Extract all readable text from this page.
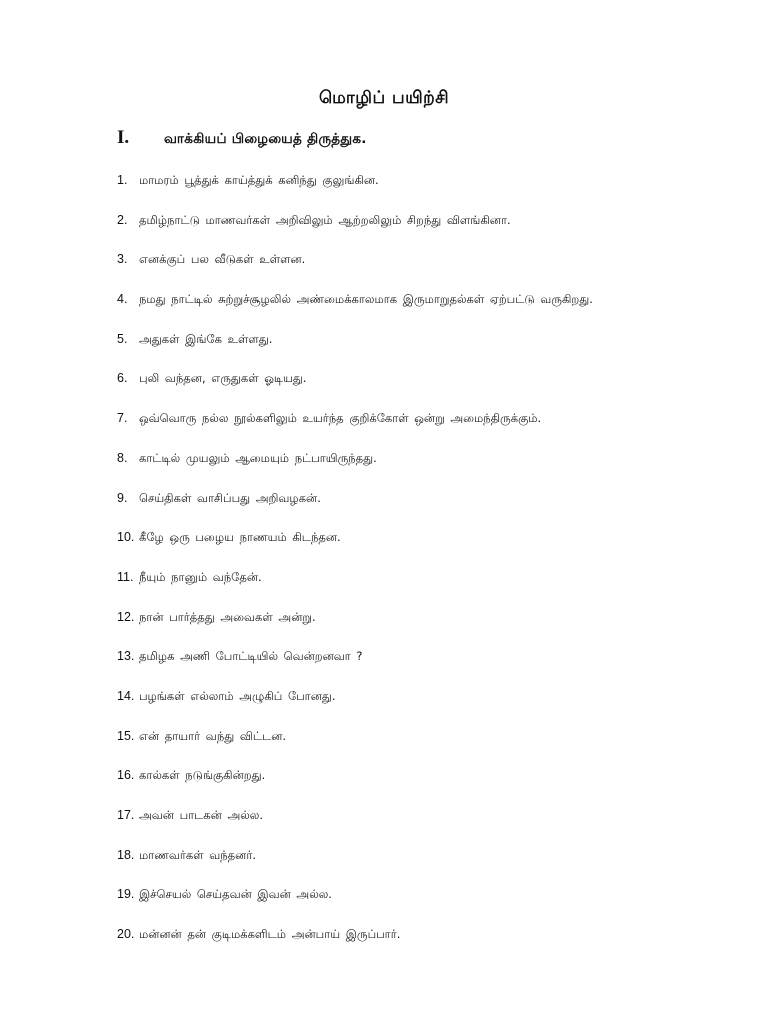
மொழிப் பயிற்சி
I.	வாக்கியப் பிழையைத் திருத்துக.
1.	மாமரம் பூத்துக் காய்த்துக் கனிந்து குலுங்கின.
2.	தமிழ்நாட்டு மாணவர்கள் அறிவிலும் ஆற்றலிலும் சிறந்து விளங்கினா.
3.	எனக்குப் பல வீடுகள் உள்ளன.
4.	நமது நாட்டில் சுற்றுச்சூழலில் அண்மைக்காலமாக இருமாறுதல்கள் ஏற்பட்டு வருகிறது.
5.	அதுகள் இங்கே உள்ளது.
6.	புலி வந்தன, எருதுகள் ஓடியது.
7.	ஒவ்வொரு நல்ல நூல்களிலும் உயர்ந்த குறிக்கோள் ஒன்று அமைந்திருக்கும்.
8.	காட்டில் முயலும் ஆமையும் நட்பாயிருந்தது.
9.	செய்திகள் வாசிப்பது அறிவழகன்.
10. கீழே ஒரு பழைய நாணயம் கிடந்தன.
11. நீயும் நானும் வந்தேன்.
12. நான் பார்த்தது அவைகள் அன்று.
13. தமிழக அணி போட்டியில் வென்றனவா ?
14. பழங்கள் எல்லாம் அழுகிப் போனது.
15. என் தாயார் வந்து விட்டன.
16. கால்கள் நடுங்குகின்றது.
17. அவன் பாடகன் அல்ல.
18. மாணவர்கள் வந்தனர்.
19. இச்செயல் செய்தவன் இவன் அல்ல.
20. மன்னன் தன் குடிமக்களிடம் அன்பாய் இருப்பார்.
